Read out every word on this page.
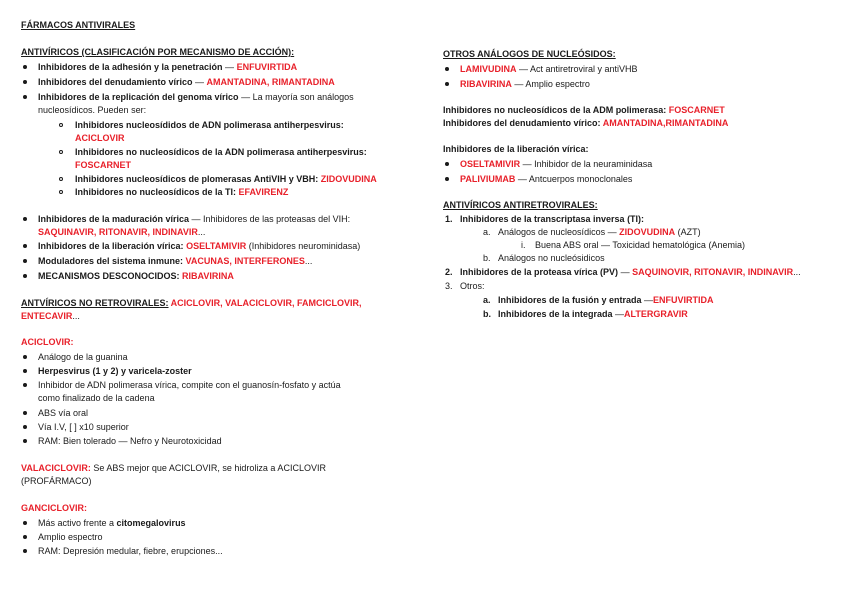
FÁRMACOS ANTIVIRALES
ANTIVÍRICOS (CLASIFICACIÓN POR MECANISMO DE ACCIÓN):
Inhibidores de la adhesión y la penetración — ENFUVIRTIDA
Inhibidores del denudamiento vírico — AMANTADINA, RIMANTADINA
Inhibidores de la replicación del genoma vírico — La mayoría son análogos
nucleosídicos. Pueden ser:
Inhibidores nucleosídidos de ADN polimerasa antiherpesvirus:
ACICLOVIR
Inhibidores no nucleosídicos de la ADN polimerasa antiherpesvirus:
FOSCARNET
Inhibidores nucleosídicos de plomerasas AntiVIH y VBH: ZIDOVUDINA
Inhibidores no nucleosídicos de la TI: EFAVIRENZ
Inhibidores de la maduración vírica — Inhibidores de las proteasas del VIH:
SAQUINAVIR, RITONAVIR, INDINAVIR...
Inhibidores de la liberación vírica: OSELTAMIVIR (Inhibidores neurominidasa)
Moduladores del sistema inmune: VACUNAS, INTERFERONES...
MECANISMOS DESCONOCIDOS: RIBAVIRINA
ANTVÍRICOS NO RETROVIRALES: ACICLOVIR, VALACICLOVIR, FAMCICLOVIR,
ENTECAVIR...
ACICLOVIR:
Análogo de la guanina
Herpesvirus (1 y 2) y varicela-zoster
Inhibidor de ADN polimerasa vírica, compite con el guanosín-fosfato y actúa
como finalizado de la cadena
ABS vía oral
Vía I.V, [ ] x10 superior
RAM: Bien tolerado — Nefro y Neurotoxicidad
VALACICLOVIR: Se ABS mejor que ACICLOVIR, se hidroliza a ACICLOVIR
(PROFÁRMACO)
GANCICLOVIR:
Más activo frente a citomegalovirus
Amplio espectro
RAM: Depresión medular, fiebre, erupciones...
OTROS ANÁLOGOS DE NUCLEÓSIDOS:
LAMIVUDINA — Act antiretroviral y antiVHB
RIBAVIRINA — Amplio espectro
Inhibidores no nucleosídicos de la ADM polimerasa: FOSCARNET
Inhibidores del denudamiento vírico: AMANTADINA,RIMANTADINA
Inhibidores de la liberación vírica:
OSELTAMIVIR — Inhibidor de la neuraminidasa
PALIVIUMAB — Antcuerpos monoclonales
ANTIVÍRICOS ANTIRETROVIRALES:
1. Inhibidores de la transcriptasa inversa (TI):
a. Análogos de nucleosídicos — ZIDOVUDINA (AZT)
i. Buena ABS oral — Toxicidad hematológica (Anemia)
b. Análogos no nucleósidicos
2. Inhibidores de la proteasa vírica (PV) — SAQUINOVIR, RITONAVIR, INDINAVIR...
3. Otros:
a. Inhibidores de la fusión y entrada —ENFUVIRTIDA
b. Inhibidores de la integrada —ALTERGRAVIR
